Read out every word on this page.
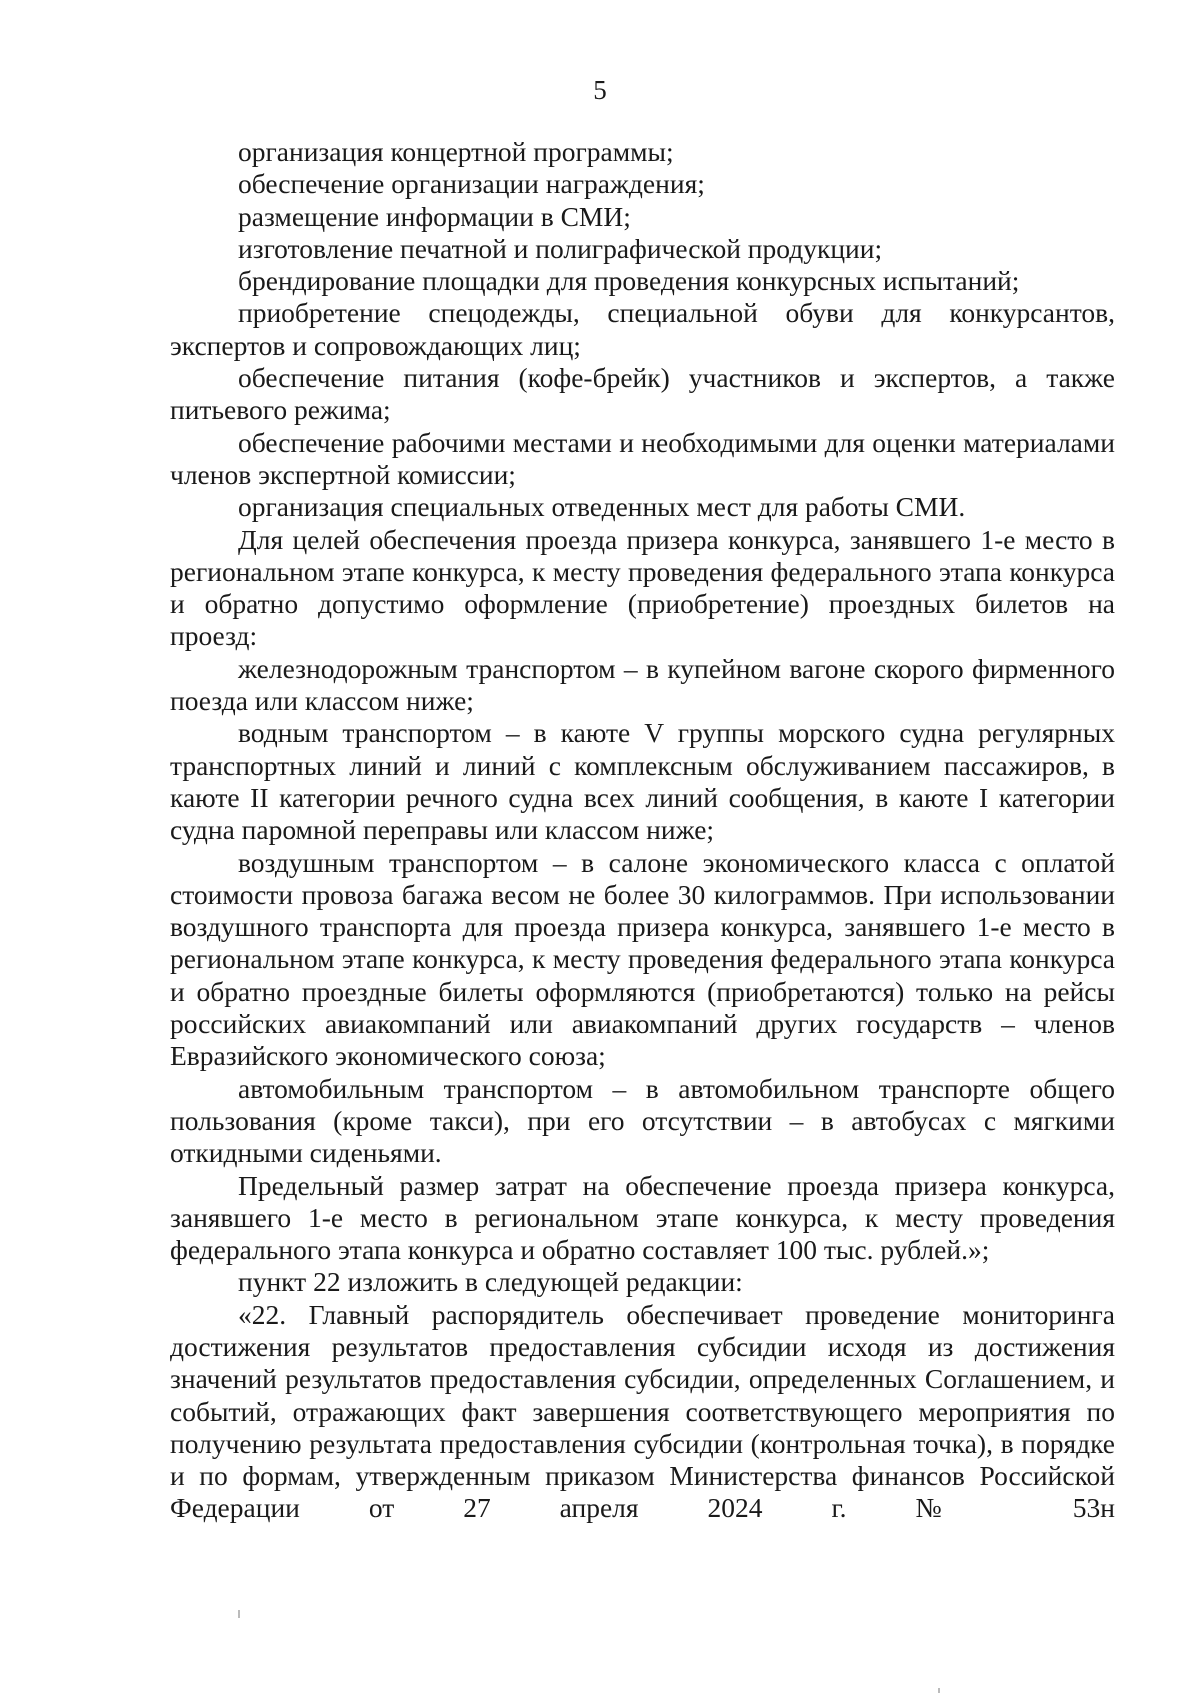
5

организация концертной программы;

обеспечение организации награждения;

размещение информации в СМИ;

изготовление печатной и полиграфической продукции;

брендирование площадки для проведения конкурсных испытаний;

приобретение спецодежды, специальной обуви для конкурсантов, экспертов и сопровождающих лиц;

обеспечение питания (кофе-брейк) участников и экспертов, а также питьевого режима;

обеспечение рабочими местами и необходимыми для оценки материалами членов экспертной комиссии;

организация специальных отведенных мест для работы СМИ.

Для целей обеспечения проезда призера конкурса, занявшего 1-е место в региональном этапе конкурса, к месту проведения федерального этапа конкурса и обратно допустимо оформление (приобретение) проездных билетов на проезд:

железнодорожным транспортом – в купейном вагоне скорого фирменного поезда или классом ниже;

водным транспортом – в каюте V группы морского судна регулярных транспортных линий и линий с комплексным обслуживанием пассажиров, в каюте II категории речного судна всех линий сообщения, в каюте I категории судна паромной переправы или классом ниже;

воздушным транспортом – в салоне экономического класса с оплатой стоимости провоза багажа весом не более 30 килограммов. При использовании воздушного транспорта для проезда призера конкурса, занявшего 1-е место в региональном этапе конкурса, к месту проведения федерального этапа конкурса и обратно проездные билеты оформляются (приобретаются) только на рейсы российских авиакомпаний или авиакомпаний других государств – членов Евразийского экономического союза;

автомобильным транспортом – в автомобильном транспорте общего пользования (кроме такси), при его отсутствии – в автобусах с мягкими откидными сиденьями.

Предельный размер затрат на обеспечение проезда призера конкурса, занявшего 1-е место в региональном этапе конкурса, к месту проведения федерального этапа конкурса и обратно составляет 100 тыс. рублей.»;

пункт 22 изложить в следующей редакции:

«22. Главный распорядитель обеспечивает проведение мониторинга достижения результатов предоставления субсидии исходя из достижения значений результатов предоставления субсидии, определенных Соглашением, и событий, отражающих факт завершения соответствующего мероприятия по получению результата предоставления субсидии (контрольная точка), в порядке и по формам, утвержденным приказом Министерства финансов Российской Федерации от 27 апреля 2024 г. № 53н
